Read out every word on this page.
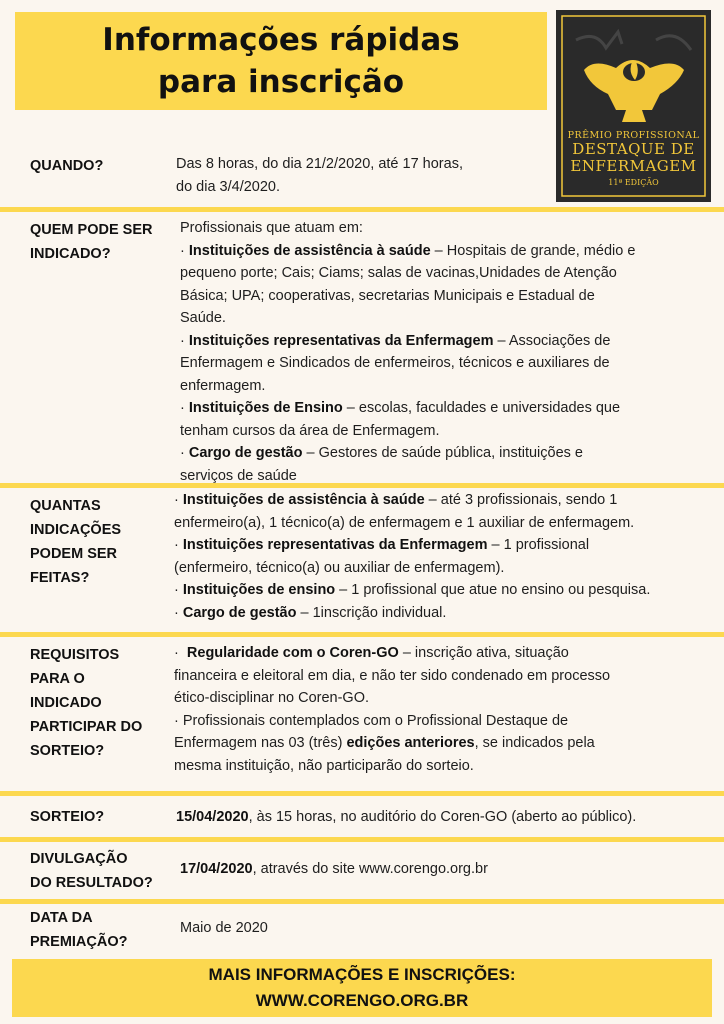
Informações rápidas
para inscrição
PRÊMIO PROFISSIONAL
DESTAQUE DE
ENFERMAGEM
11ª EDIÇÃO
QUANDO?	Das 8 horas, do dia 21/2/2020, até 17 horas,

do dia 3/4/2020.

QUEM PODE SER
INDICADO?

Profissionais que atuam em:

· Instituições de assistência à saúde – Hospitais de grande, médio e

pequeno porte; Cais; Ciams; salas de vacinas,Unidades de Atenção

Básica; UPA; cooperativas, secretarias Municipais e Estadual de

Saúde.

· Instituições representativas da Enfermagem – Associações de

Enfermagem e Sindicados de enfermeiros, técnicos e auxiliares de

enfermagem.

· Instituições de Ensino – escolas, faculdades e universidades que

tenham cursos da área de Enfermagem.

· Cargo de gestão – Gestores de saúde pública, instituições e

serviços de saúde

QUANTAS
INDICAÇÕES
PODEM SER
FEITAS?

· Instituições de assistência à saúde – até 3 profissionais, sendo 1

enfermeiro(a), 1 técnico(a) de enfermagem e 1 auxiliar de enfermagem.

· Instituições representativas da Enfermagem – 1 profissional

(enfermeiro, técnico(a) ou auxiliar de enfermagem).

· Instituições de ensino – 1 profissional que atue no ensino ou pesquisa.

· Cargo de gestão – 1inscrição individual.

REQUISITOS
PARA O
INDICADO
PARTICIPAR DO
SORTEIO?

· Regularidade com o Coren-GO – inscrição ativa, situação

financeira e eleitoral em dia, e não ter sido condenado em processo

ético-disciplinar no Coren-GO.

· Profissionais contemplados com o Profissional Destaque de

Enfermagem nas 03 (três) edições anteriores, se indicados pela

mesma instituição, não participarão do sorteio.

SORTEIO?	15/04/2020, às 15 horas, no auditório do Coren-GO (aberto ao público).

DIVULGAÇÃO
DO RESULTADO?

17/04/2020, através do site www.corengo.org.br

DATA DA
PREMIAÇÃO?
Maio de 2020
MAIS INFORMAÇÕES E INSCRIÇÕES:
WWW.CORENGO.ORG.BR
